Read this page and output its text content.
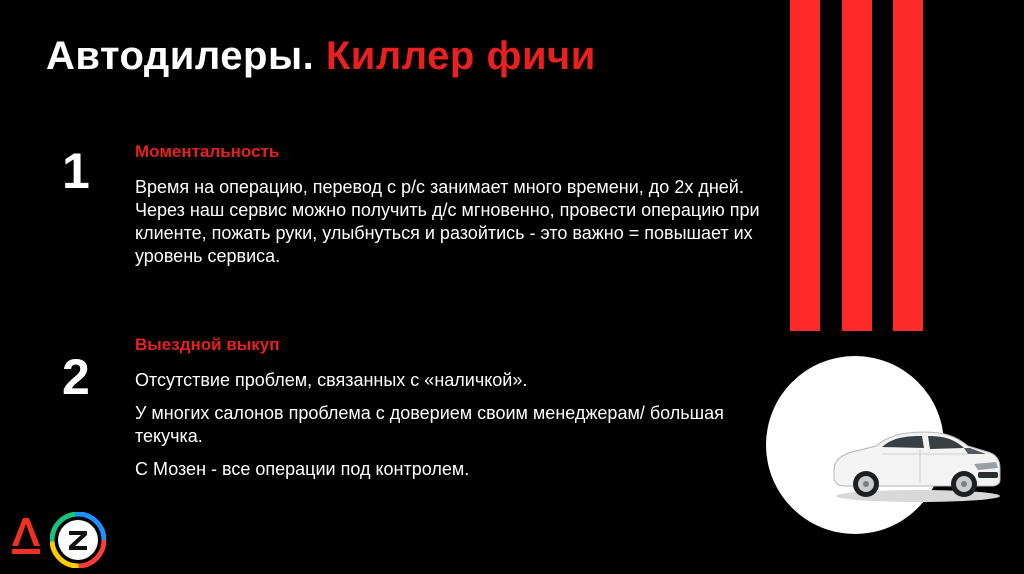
Автодилеры. Киллер фичи
1	Моментальность

Время на операцию, перевод с р/с занимает много времени, до 2х дней. Через наш сервис можно получить д/с мгновенно, провести операцию при клиенте, пожать руки, улыбнуться и разойтись - это важно = повышает их уровень сервиса.

2

Выездной выкуп

Отсутствие проблем, связанных с «наличкой».

У многих салонов проблема с доверием своим менеджерам/ большая текучка.

С Мозен - все операции под контролем.
